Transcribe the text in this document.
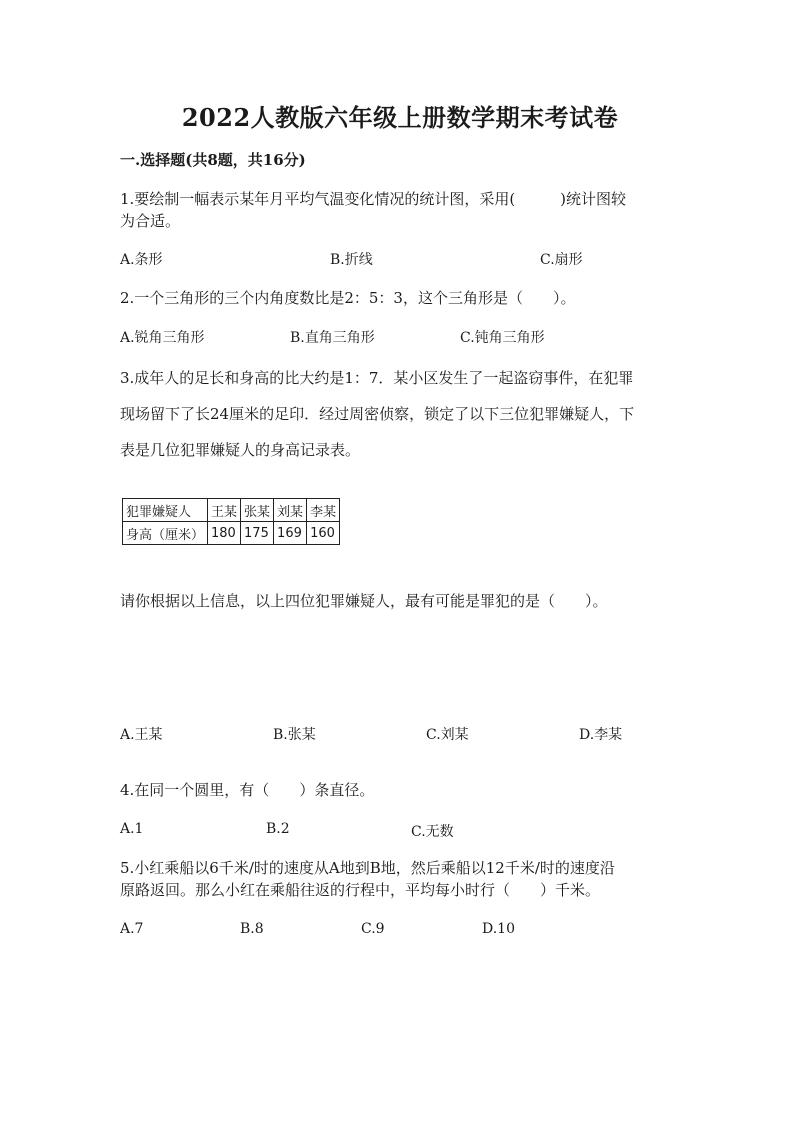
2022人教版六年级上册数学期末考试卷
一.选择题(共8题，共16分)
1.要绘制一幅表示某年月平均气温变化情况的统计图，采用(　　　)统计图较
为合适。
A.条形	B.折线	C.扇形
2.一个三角形的三个内角度数比是2：5：3，这个三角形是（　　）。
A.锐角三角形	B.直角三角形	C.钝角三角形
3.成年人的足长和身高的比大约是1：7．某小区发生了一起盗窃事件，在犯罪
现场留下了长24厘米的足印．经过周密侦察，锁定了以下三位犯罪嫌疑人，下
表是几位犯罪嫌疑人的身高记录表。
犯罪嫌疑人	王某	张某	刘某	李某
身高（厘米）	180	175	169	160
请你根据以上信息，以上四位犯罪嫌疑人，最有可能是罪犯的是（　　）。
A.王某	B.张某	C.刘某	D.李某
4.在同一个圆里，有（　　）条直径。
A.1	B.2	C.无数
5.小红乘船以6千米/时的速度从A地到B地，然后乘船以12千米/时的速度沿
原路返回。那么小红在乘船往返的行程中，平均每小时行（　　）千米。
A.7	B.8	C.9	D.10
